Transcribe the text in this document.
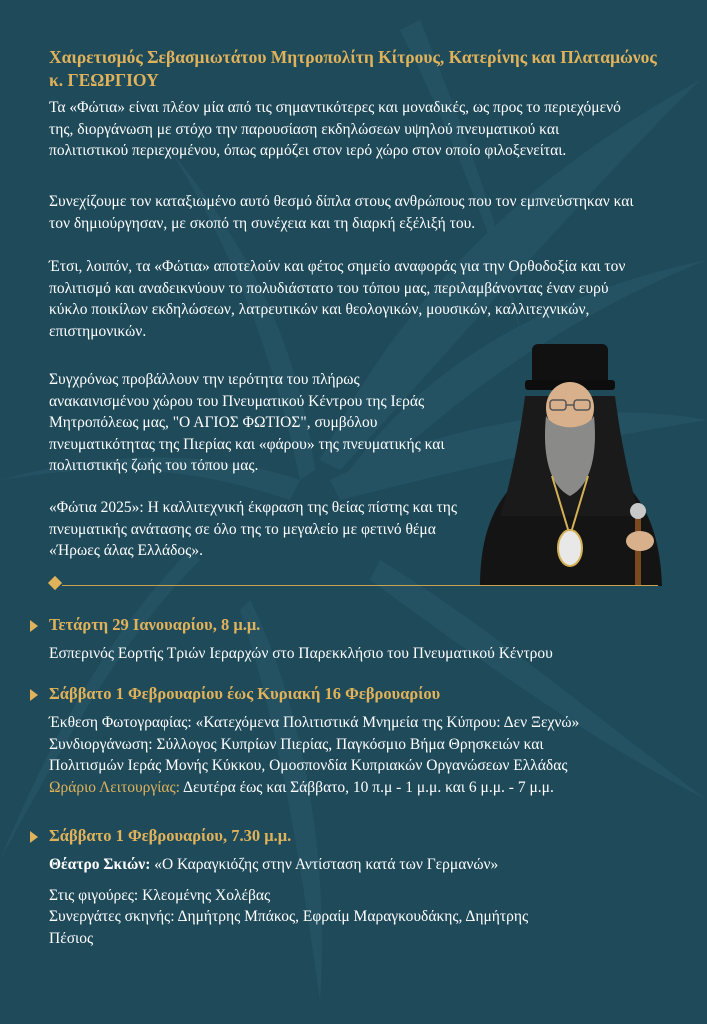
Χαιρετισμός Σεβασμιωτάτου Μητροπολίτη Κίτρους, Κατερίνης και Πλαταμώνος κ. ΓΕΩΡΓΙΟΥ
Τα «Φώτια» είναι πλέον μία από τις σημαντικότερες και μοναδικές, ως προς το περιεχόμενό της, διοργάνωση με στόχο την παρουσίαση εκδηλώσεων υψηλού πνευματικού και πολιτιστικού περιεχομένου, όπως αρμόζει στον ιερό χώρο στον οποίο φιλοξενείται.
Συνεχίζουμε τον καταξιωμένο αυτό θεσμό δίπλα στους ανθρώπους που τον εμπνεύστηκαν και τον δημιούργησαν, με σκοπό τη συνέχεια και τη διαρκή εξέλιξή του.
Έτσι, λοιπόν, τα «Φώτια» αποτελούν και φέτος σημείο αναφοράς για την Ορθοδοξία και τον πολιτισμό και αναδεικνύουν το πολυδιάστατο του τόπου μας, περιλαμβάνοντας έναν ευρύ κύκλο ποικίλων εκδηλώσεων, λατρευτικών και θεολογικών, μουσικών, καλλιτεχνικών, επιστημονικών.
Συγχρόνως προβάλλουν την ιερότητα του πλήρως ανακαινισμένου χώρου του Πνευματικού Κέντρου της Ιεράς Μητροπόλεως μας, "Ο ΑΓΙΟΣ ΦΩΤΙΟΣ", συμβόλου πνευματικότητας της Πιερίας και «φάρου» της πνευματικής και πολιτιστικής ζωής του τόπου μας.
«Φώτια 2025»: Η καλλιτεχνική έκφραση της θείας πίστης και της πνευματικής ανάτασης σε όλο της το μεγαλείο με φετινό θέμα «Ήρωες άλας Ελλάδος».
Τετάρτη 29 Ιανουαρίου, 8 μ.μ.
Εσπερινός Εορτής Τριών Ιεραρχών στο Παρεκκλήσιο του Πνευματικού Κέντρου
Σάββατο 1 Φεβρουαρίου έως Κυριακή 16 Φεβρουαρίου
Έκθεση Φωτογραφίας: «Κατεχόμενα Πολιτιστικά Μνημεία της Κύπρου: Δεν Ξεχνώ»
Συνδιοργάνωση: Σύλλογος Κυπρίων Πιερίας, Παγκόσμιο Βήμα Θρησκειών και
Πολιτισμών Ιεράς Μονής Κύκκου, Ομοσπονδία Κυπριακών Οργανώσεων Ελλάδας
Ωράριο Λειτουργίας: Δευτέρα έως και Σάββατο, 10 π.μ - 1 μ.μ. και 6 μ.μ. - 7 μ.μ.
Σάββατο 1 Φεβρουαρίου, 7.30 μ.μ.
Θέατρο Σκιών: «Ο Καραγκιόζης στην Αντίσταση κατά των Γερμανών»
Στις φιγούρες: Κλεομένης Χολέβας
Συνεργάτες σκηνής: Δημήτρης Μπάκος, Εφραίμ Μαραγκουδάκης, Δημήτρης
Πέσιος
